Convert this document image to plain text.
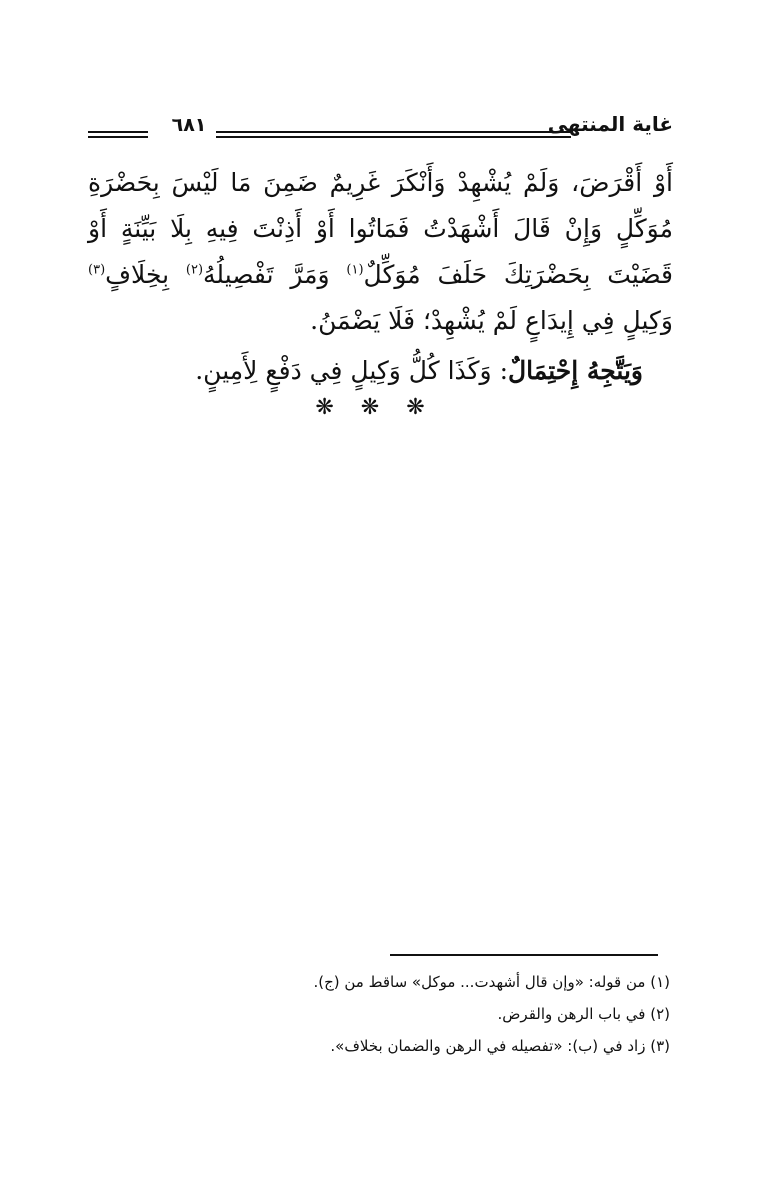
غاية المنتهى
٦٨١

أَوْ أَقْرَضَ، وَلَمْ يُشْهِدْ وَأَنْكَرَ غَرِيمٌ ضَمِنَ مَا لَيْسَ بِحَضْرَةِ مُوَكِّلٍ وَإِنْ قَالَ أَشْهَدْتُ فَمَاتُوا أَوْ أَذِنْتَ فِيهِ بِلَا بَيِّنَةٍ أَوْ قَضَيْتَ بِحَضْرَتِكَ حَلَفَ مُوَكِّلٌ$^{(١)}$ وَمَرَّ تَفْصِيلُهُ$^{(٢)}$ بِخِلَافٍ$^{(٣)}$ وَكِيلٍ فِي إِيدَاعٍ لَمْ يُشْهِدْ؛ فَلَا يَضْمَنُ.

وَيَتَّجِهُ إِحْتِمَالٌ: وَكَذَا كُلُّ وَكِيلٍ فِي دَفْعٍ لِأَمِينٍ.

❋ ❋ ❋
(١) من قوله: «وإن قال أشهدت... موكل» ساقط من (ج).
(٢) في باب الرهن والقرض.
(٣) زاد في (ب): «تفصيله في الرهن والضمان بخلاف».
